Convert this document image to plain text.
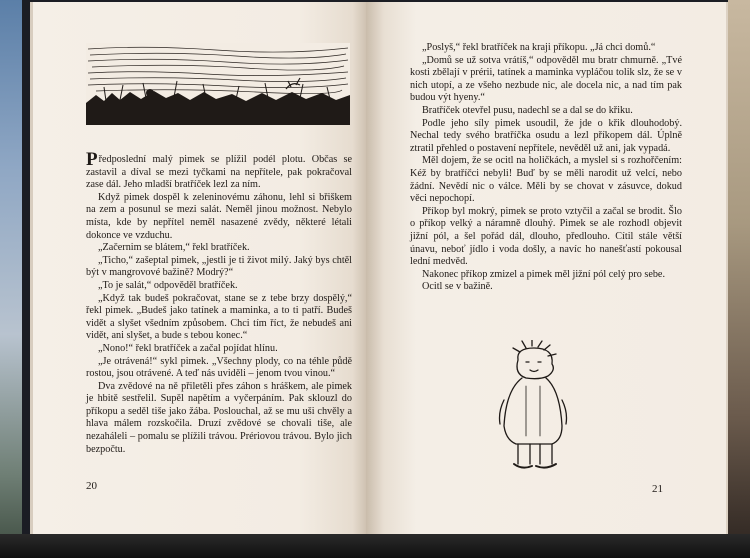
Předposlední malý pimek se plížil podél plotu. Občas se zastavil a díval se mezi tyčkami na nepřítele, pak pokračoval zase dál. Jeho mladší bratříček lezl za ním.

Když pimek dospěl k zeleninovému záhonu, lehl si břiškem na zem a posunul se mezi salát. Neměl jinou možnost. Nebylo místa, kde by nepřítel neměl nasazené zvědy, některé létali dokonce ve vzduchu.

„Začernim se blátem,“ řekl bratříček.

„Ticho,“ zašeptal pimek, „jestli je ti život milý. Jaký bys chtěl být v mangrovové bažině? Modrý?“

„To je salát,“ odpověděl bratříček.

„Když tak budeš pokračovat, stane se z tebe brzy dospělý,“ řekl pimek. „Budeš jako tatínek a maminka, a to ti patří. Budeš vidět a slyšet všedním způsobem. Chci tím říct, že nebudeš ani vidět, ani slyšet, a bude s tebou konec.“

„Nono!“ řekl bratříček a začal pojídat hlínu.

„Je otrávená!“ sykl pimek. „Všechny plody, co na téhle půdě rostou, jsou otrávené. A teď nás uviděli – jenom tvou vinou.“

Dva zvědové na ně přiletěli přes záhon s hráškem, ale pimek je hbitě sestřelil. Supěl napětím a vyčerpáním. Pak sklouzl do příkopu a seděl tiše jako žába. Poslouchal, až se mu uši chvěly a hlava málem rozskočila. Druzí zvědové se chovali tiše, ale nezaháleli – pomalu se plížili trávou. Prériovou trávou. Bylo jich bezpočtu.

20

„Poslyš,“ řekl bratříček na kraji příkopu. „Já chci domů.“

„Domů se už sotva vrátíš,“ odpověděl mu bratr chmurně. „Tvé kosti zbělají v prérii, tatínek a maminka vypláčou tolik slz, že se v nich utopí, a ze všeho nezbude nic, ale docela nic, a nad tím pak budou výt hyeny.“

Bratříček otevřel pusu, nadechl se a dal se do křiku.

Podle jeho síly pimek usoudil, že jde o křik dlouhodobý. Nechal tedy svého bratříčka osudu a lezl příkopem dál. Úplně ztratil přehled o postavení nepřítele, nevěděl už ani, jak vypadá.

Měl dojem, že se ocitl na holičkách, a myslel si s rozhořčením: Kéž by bratříčci nebyli! Buď by se měli narodit už velcí, nebo žádní. Nevědí nic o válce. Měli by se chovat v zásuvce, dokud věci nepochopí.

Příkop byl mokrý, pimek se proto vztyčil a začal se brodit. Šlo o příkop velký a náramně dlouhý. Pimek se ale rozhodl objevit jižní pól, a šel pořád dál, dlouho, předlouho. Cítil stále větší únavu, neboť jídlo i voda došly, a navíc ho nanešťastí pokousal lední medvěd.

Nakonec příkop zmizel a pimek měl jižní pól celý pro sebe.

Ocitl se v bažině.

21
